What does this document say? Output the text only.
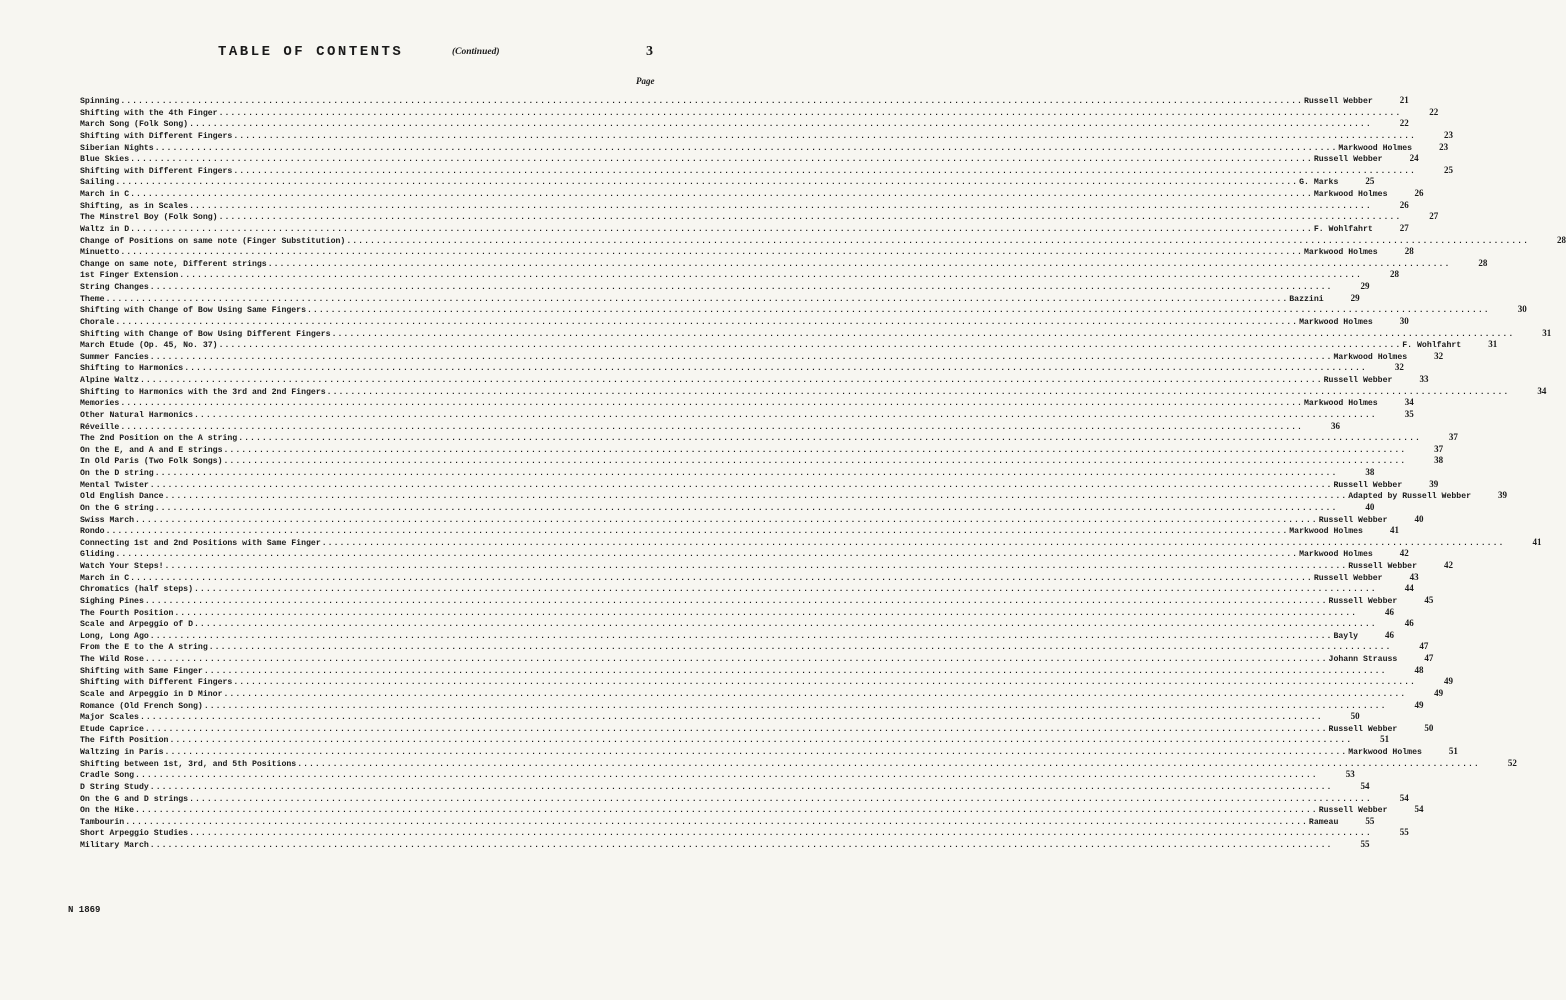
TABLE OF CONTENTS	(Continued)	3
Page
Spinning ........................................................................................................................................................................................................ Russell Webber	21
Shifting with the 4th Finger ........................................................................................................................................................................................................	22
March Song (Folk Song) ........................................................................................................................................................................................................	22
Shifting with Different Fingers ........................................................................................................................................................................................................	23
Siberian Nights ........................................................................................................................................................................................................ Markwood Holmes	23
Blue Skies ........................................................................................................................................................................................................ Russell Webber	24
Shifting with Different Fingers ........................................................................................................................................................................................................	25
Sailing ........................................................................................................................................................................................................ G. Marks	25
March in C ........................................................................................................................................................................................................ Markwood Holmes	26
Shifting, as in Scales ........................................................................................................................................................................................................	26
The Minstrel Boy (Folk Song) ........................................................................................................................................................................................................	27
Waltz in D ........................................................................................................................................................................................................ F. Wohlfahrt	27
Change of Positions on same note (Finger Substitution) ........................................................................................................................................................................................................	28
Minuetto ........................................................................................................................................................................................................ Markwood Holmes	28
Change on same note, Different strings ........................................................................................................................................................................................................	28
1st Finger Extension ........................................................................................................................................................................................................	28
String Changes ........................................................................................................................................................................................................	29
Theme ........................................................................................................................................................................................................ Bazzini	29
Shifting with Change of Bow Using Same Fingers ........................................................................................................................................................................................................	30
Chorale ........................................................................................................................................................................................................ Markwood Holmes	30
Shifting with Change of Bow Using Different Fingers ........................................................................................................................................................................................................	31
March Etude (Op. 45, No. 37) ........................................................................................................................................................................................................ F. Wohlfahrt	31
Summer Fancies ........................................................................................................................................................................................................ Markwood Holmes	32
Shifting to Harmonics ........................................................................................................................................................................................................	32
Alpine Waltz ........................................................................................................................................................................................................ Russell Webber	33
Shifting to Harmonics with the 3rd and 2nd Fingers ........................................................................................................................................................................................................	34
Memories ........................................................................................................................................................................................................ Markwood Holmes	34
Other Natural Harmonics ........................................................................................................................................................................................................	35
Réveille ........................................................................................................................................................................................................	36
The 2nd Position on the A string ........................................................................................................................................................................................................	37
On the E, and A and E strings ........................................................................................................................................................................................................	37
In Old Paris (Two Folk Songs) ........................................................................................................................................................................................................	38
On the D string ........................................................................................................................................................................................................	38
Mental Twister ........................................................................................................................................................................................................ Russell Webber	39
Old English Dance ........................................................................................................................................................................................................ Adapted by Russell Webber	39
On the G string ........................................................................................................................................................................................................	40
Swiss March ........................................................................................................................................................................................................ Russell Webber	40
Rondo ........................................................................................................................................................................................................ Markwood Holmes	41
Connecting 1st and 2nd Positions with Same Finger ........................................................................................................................................................................................................	41
Gliding ........................................................................................................................................................................................................ Markwood Holmes	42
Watch Your Steps! ........................................................................................................................................................................................................ Russell Webber	42
March in C ........................................................................................................................................................................................................ Russell Webber	43
Chromatics (half steps) ........................................................................................................................................................................................................	44
Sighing Pines ........................................................................................................................................................................................................ Russell Webber	45
The Fourth Position ........................................................................................................................................................................................................	46
Scale and Arpeggio of D ........................................................................................................................................................................................................	46
Long, Long Ago ........................................................................................................................................................................................................ Bayly	46
From the E to the A string ........................................................................................................................................................................................................	47
The Wild Rose ........................................................................................................................................................................................................ Johann Strauss	47
Shifting with Same Finger ........................................................................................................................................................................................................	48
Shifting with Different Fingers ........................................................................................................................................................................................................	49
Scale and Arpeggio in D Minor ........................................................................................................................................................................................................	49
Romance (Old French Song) ........................................................................................................................................................................................................	49
Major Scales ........................................................................................................................................................................................................	50
Etude Caprice ........................................................................................................................................................................................................ Russell Webber	50
The Fifth Position ........................................................................................................................................................................................................	51
Waltzing in Paris ........................................................................................................................................................................................................ Markwood Holmes	51
Shifting between 1st, 3rd, and 5th Positions ........................................................................................................................................................................................................	52
Cradle Song ........................................................................................................................................................................................................	53
D String Study ........................................................................................................................................................................................................	54
On the G and D strings ........................................................................................................................................................................................................	54
On the Hike ........................................................................................................................................................................................................ Russell Webber	54
Tambourin ........................................................................................................................................................................................................ Rameau	55
Short Arpeggio Studies ........................................................................................................................................................................................................	55
Military March ........................................................................................................................................................................................................	55
N 1869
